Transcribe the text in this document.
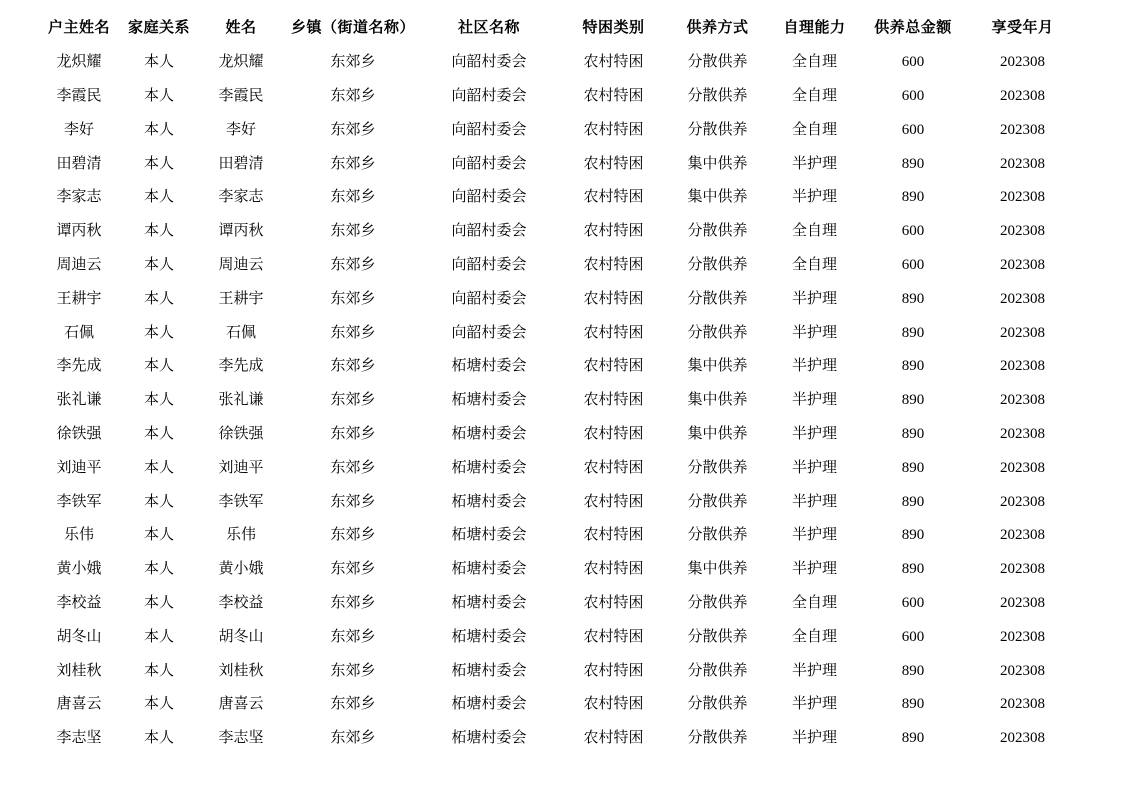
户主姓名	家庭关系	姓名	乡镇（街道名称）	社区名称	特困类别	供养方式	自理能力	供养总金额	享受年月
龙炽耀	本人	龙炽耀	东郊乡	向韶村委会	农村特困	分散供养	全自理	600	202308
李霞民	本人	李霞民	东郊乡	向韶村委会	农村特困	分散供养	全自理	600	202308
李好	本人	李好	东郊乡	向韶村委会	农村特困	分散供养	全自理	600	202308
田碧清	本人	田碧清	东郊乡	向韶村委会	农村特困	集中供养	半护理	890	202308
李家志	本人	李家志	东郊乡	向韶村委会	农村特困	集中供养	半护理	890	202308
谭丙秋	本人	谭丙秋	东郊乡	向韶村委会	农村特困	分散供养	全自理	600	202308
周迪云	本人	周迪云	东郊乡	向韶村委会	农村特困	分散供养	全自理	600	202308
王耕宇	本人	王耕宇	东郊乡	向韶村委会	农村特困	分散供养	半护理	890	202308
石佩	本人	石佩	东郊乡	向韶村委会	农村特困	分散供养	半护理	890	202308
李先成	本人	李先成	东郊乡	柘塘村委会	农村特困	集中供养	半护理	890	202308
张礼谦	本人	张礼谦	东郊乡	柘塘村委会	农村特困	集中供养	半护理	890	202308
徐铁强	本人	徐铁强	东郊乡	柘塘村委会	农村特困	集中供养	半护理	890	202308
刘迪平	本人	刘迪平	东郊乡	柘塘村委会	农村特困	分散供养	半护理	890	202308
李铁军	本人	李铁军	东郊乡	柘塘村委会	农村特困	分散供养	半护理	890	202308
乐伟	本人	乐伟	东郊乡	柘塘村委会	农村特困	分散供养	半护理	890	202308
黄小娥	本人	黄小娥	东郊乡	柘塘村委会	农村特困	集中供养	半护理	890	202308
李校益	本人	李校益	东郊乡	柘塘村委会	农村特困	分散供养	全自理	600	202308
胡冬山	本人	胡冬山	东郊乡	柘塘村委会	农村特困	分散供养	全自理	600	202308
刘桂秋	本人	刘桂秋	东郊乡	柘塘村委会	农村特困	分散供养	半护理	890	202308
唐喜云	本人	唐喜云	东郊乡	柘塘村委会	农村特困	分散供养	半护理	890	202308
李志坚	本人	李志坚	东郊乡	柘塘村委会	农村特困	分散供养	半护理	890	202308
